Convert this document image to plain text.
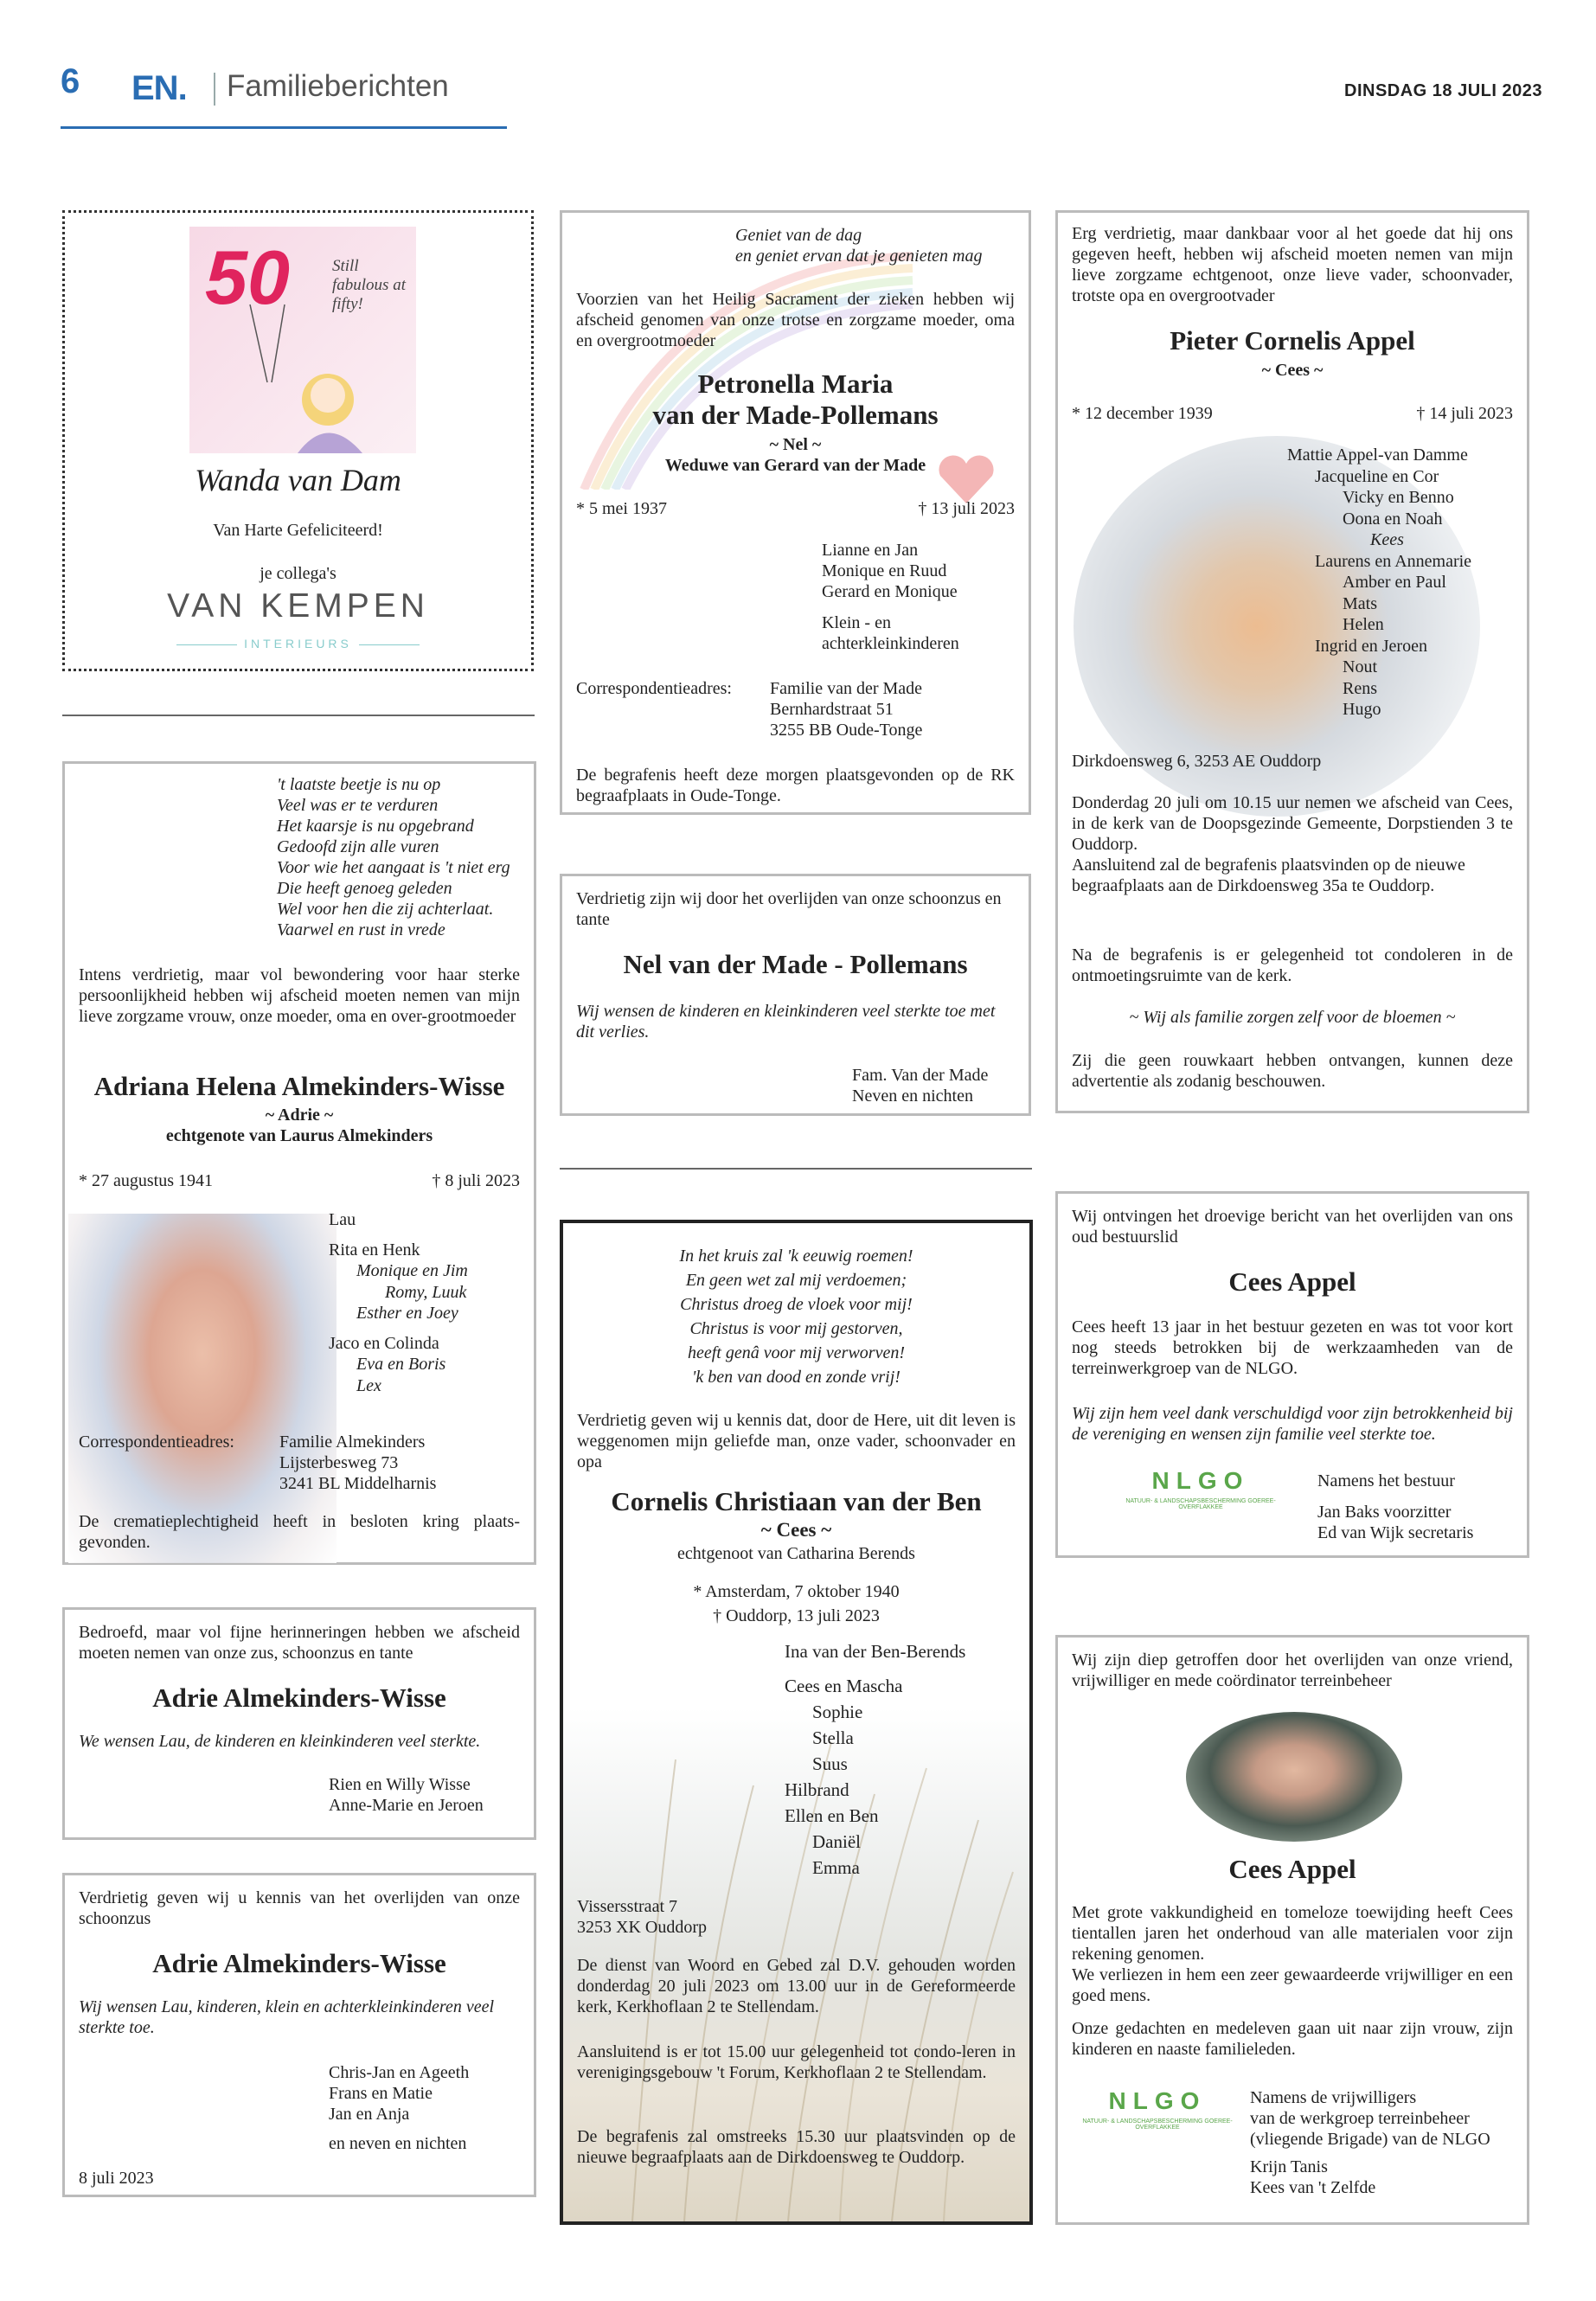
6 EN. Familieberichten	DINSDAG 18 JULI 2023
50	Still fabulous at fifty!
Wanda van Dam
Van Harte Gefeliciteerd!
je collega's
VAN KEMPEN
INTERIEURS
't laatste beetje is nu op
Veel was er te verduren
Het kaarsje is nu opgebrand
Gedoofd zijn alle vuren
Voor wie het aangaat is 't niet erg
Die heeft genoeg geleden
Wel voor hen die zij achterlaat.
Vaarwel en rust in vrede

Intens verdrietig, maar vol bewondering voor haar sterke persoonlijkheid hebben wij afscheid moeten nemen van mijn lieve zorgzame vrouw, onze moeder, oma en over-grootmoeder

Adriana Helena Almekinders-Wisse
~ Adrie ~
echtgenote van Laurus Almekinders
* 27 augustus 1941	† 8 juli 2023
Lau
Rita en Henk
Monique en Jim
Romy, Luuk
Esther en Joey
Jaco en Colinda
Eva en Boris
Lex
Correspondentieadres:	Familie Almekinders
Lijsterbesweg 73
3241 BL Middelharnis

De crematieplechtigheid heeft in besloten kring plaats-gevonden.

Bedroefd, maar vol fijne herinneringen hebben we afscheid moeten nemen van onze zus, schoonzus en tante

Adrie Almekinders-Wisse

We wensen Lau, de kinderen en kleinkinderen veel sterkte.

Rien en Willy Wisse
Anne-Marie en Jeroen

Verdrietig geven wij u kennis van het overlijden van onze schoonzus

Adrie Almekinders-Wisse

Wij wensen Lau, kinderen, klein en achterkleinkinderen veel sterkte toe.

Chris-Jan en Ageeth
Frans en Matie
Jan en Anja
en neven en nichten
8 juli 2023
Geniet van de dag
en geniet ervan dat je genieten mag

Voorzien van het Heilig Sacrament der zieken hebben wij afscheid genomen van onze trotse en zorgzame moeder, oma en overgrootmoeder

Petronella Maria
van der Made-Pollemans
~ Nel ~
Weduwe van Gerard van der Made
* 5 mei 1937	† 13 juli 2023
Lianne en Jan
Monique en Ruud
Gerard en Monique
Klein - en
achterkleinkinderen
Correspondentieadres: Familie van der Made
Bernhardstraat 51
3255 BB Oude-Tonge

De begrafenis heeft deze morgen plaatsgevonden op de RK begraafplaats in Oude-Tonge.

Verdrietig zijn wij door het overlijden van onze schoonzus en tante

Nel van der Made - Pollemans

Wij wensen de kinderen en kleinkinderen veel sterkte toe met dit verlies.

Fam. Van der Made
Neven en nichten
In het kruis zal 'k eeuwig roemen!
En geen wet zal mij verdoemen;
Christus droeg de vloek voor mij!
Christus is voor mij gestorven,
heeft genâ voor mij verworven!
'k ben van dood en zonde vrij!

Verdrietig geven wij u kennis dat, door de Here, uit dit leven is weggenomen mijn geliefde man, onze vader, schoonvader en opa

Cornelis Christiaan van der Ben
~ Cees ~
echtgenoot van Catharina Berends
* Amsterdam, 7 oktober 1940
† Ouddorp, 13 juli 2023
Ina van der Ben-Berends
Cees en Mascha
Sophie
Stella
Suus
Hilbrand
Ellen en Ben
Daniël
Emma
Vissersstraat 7
3253 XK Ouddorp

De dienst van Woord en Gebed zal D.V. gehouden worden donderdag 20 juli 2023 om 13.00 uur in de Gereformeerde kerk, Kerkhoflaan 2 te Stellendam.

Aansluitend is er tot 15.00 uur gelegenheid tot condo-leren in verenigingsgebouw 't Forum, Kerkhoflaan 2 te Stellendam.

De begrafenis zal omstreeks 15.30 uur plaatsvinden op de nieuwe begraafplaats aan de Dirkdoensweg te Ouddorp.

Erg verdrietig, maar dankbaar voor al het goede dat hij ons gegeven heeft, hebben wij afscheid moeten nemen van mijn lieve zorgzame echtgenoot, onze lieve vader, schoonvader, trotste opa en overgrootvader

Pieter Cornelis Appel
~ Cees ~
* 12 december 1939	† 14 juli 2023
Mattie Appel-van Damme
Jacqueline en Cor
Vicky en Benno
Oona en Noah
Kees
Laurens en Annemarie
Amber en Paul
Mats
Helen
Ingrid en Jeroen
Nout
Rens
Hugo
Dirkdoensweg 6, 3253 AE Ouddorp

Donderdag 20 juli om 10.15 uur nemen we afscheid van Cees, in de kerk van de Doopsgezinde Gemeente, Dorpstienden 3 te Ouddorp.

Aansluitend zal de begrafenis plaatsvinden op de nieuwe begraafplaats aan de Dirkdoensweg 35a te Ouddorp.

Na de begrafenis is er gelegenheid tot condoleren in de ontmoetingsruimte van de kerk.

~ Wij als familie zorgen zelf voor de bloemen ~

Zij die geen rouwkaart hebben ontvangen, kunnen deze advertentie als zodanig beschouwen.

Wij ontvingen het droevige bericht van het overlijden van ons oud bestuurslid

Cees Appel

Cees heeft 13 jaar in het bestuur gezeten en was tot voor kort nog steeds betrokken bij de werkzaamheden van de terreinwerkgroep van de NLGO.

Wij zijn hem veel dank verschuldigd voor zijn betrokkenheid bij de vereniging en wensen zijn familie veel sterkte toe.

NLGO
NATUUR- & LANDSCHAPSBESCHERMING GOEREE-OVERFLAKKEE
Namens het bestuur
Jan Baks voorzitter
Ed van Wijk secretaris

Wij zijn diep getroffen door het overlijden van onze vriend, vrijwilliger en mede coördinator terreinbeheer

Cees Appel

Met grote vakkundigheid en tomeloze toewijding heeft Cees tientallen jaren het onderhoud van alle materialen voor zijn rekening genomen.

We verliezen in hem een zeer gewaardeerde vrijwilliger en een goed mens.

Onze gedachten en medeleven gaan uit naar zijn vrouw, zijn kinderen en naaste familieleden.

NLGO
NATUUR- & LANDSCHAPSBESCHERMING GOEREE-OVERFLAKKEE
Namens de vrijwilligers
van de werkgroep terreinbeheer
(vliegende Brigade) van de NLGO
Krijn Tanis
Kees van 't Zelfde
